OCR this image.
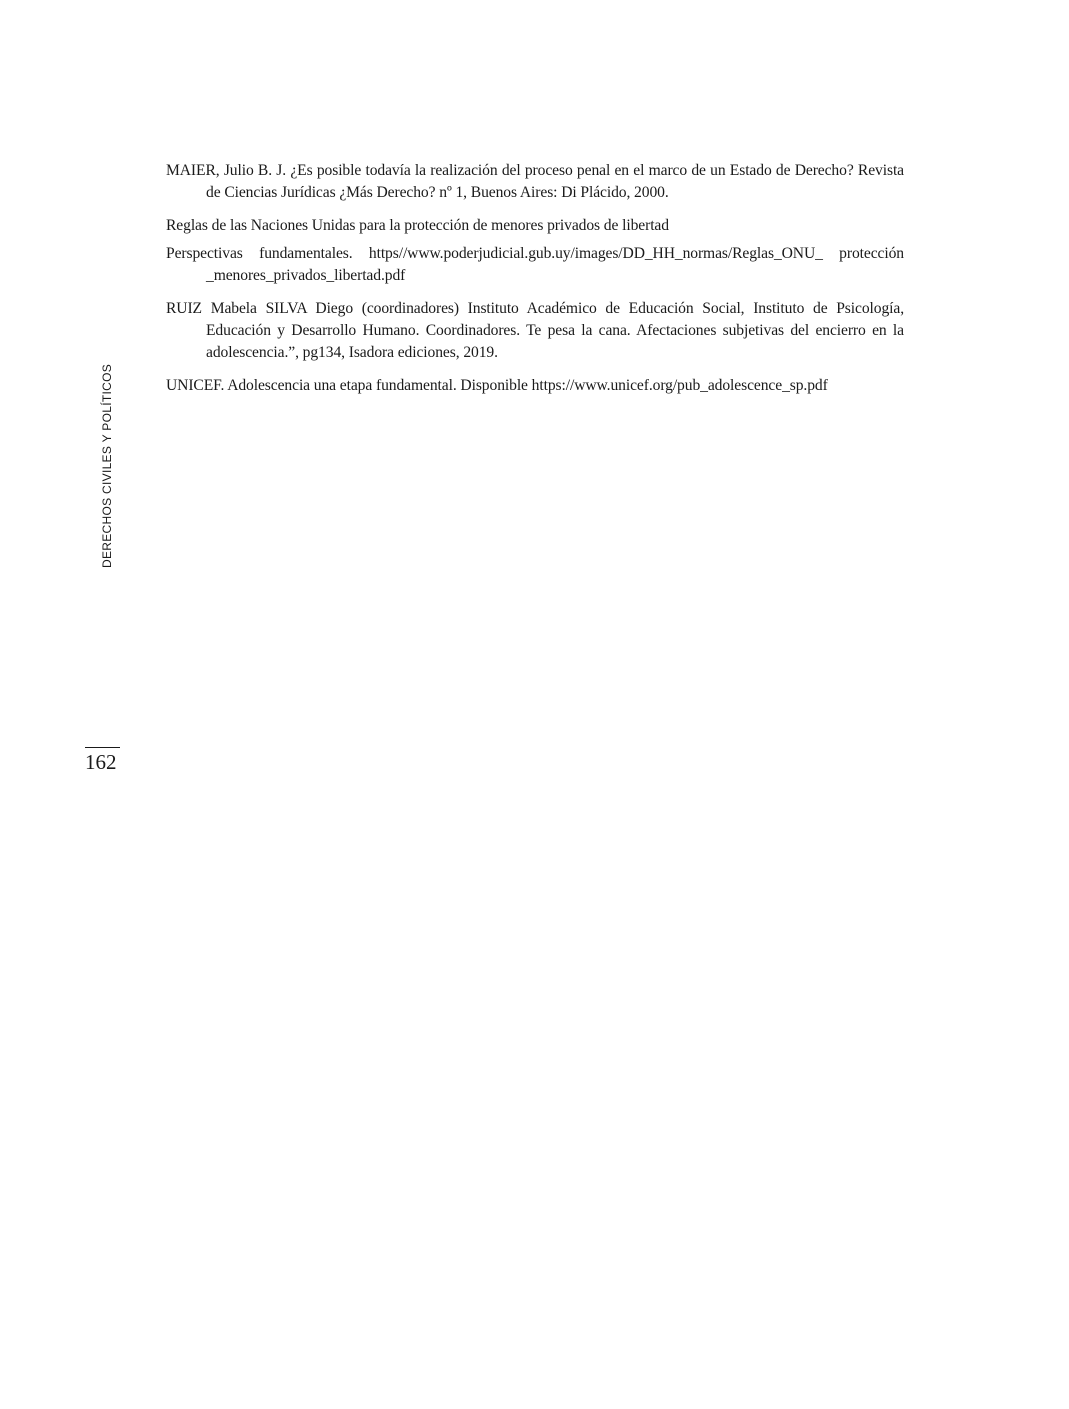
MAIER, Julio B. J. ¿Es posible todavía la realización del proceso penal en el marco de un Estado de Derecho? Revista de Ciencias Jurídicas ¿Más Derecho? nº 1, Buenos Aires: Di Plácido, 2000.
Reglas de las Naciones Unidas para la protección de menores privados de libertad
Perspectivas fundamentales. https//www.poderjudicial.gub.uy/images/DD_HH_normas/Reglas_ONU_ protección _menores_privados_libertad.pdf
RUIZ Mabela SILVA Diego (coordinadores) Instituto Académico de Educación Social, Instituto de Psicología, Educación y Desarrollo Humano. Coordinadores. Te pesa la cana. Afectaciones subjetivas del encierro en la adolescencia.”, pg134, Isadora ediciones, 2019.
UNICEF. Adolescencia una etapa fundamental. Disponible https://www.unicef.org/pub_adolescence_sp.pdf
DERECHOS CIVILES Y POLÍTICOS
162
